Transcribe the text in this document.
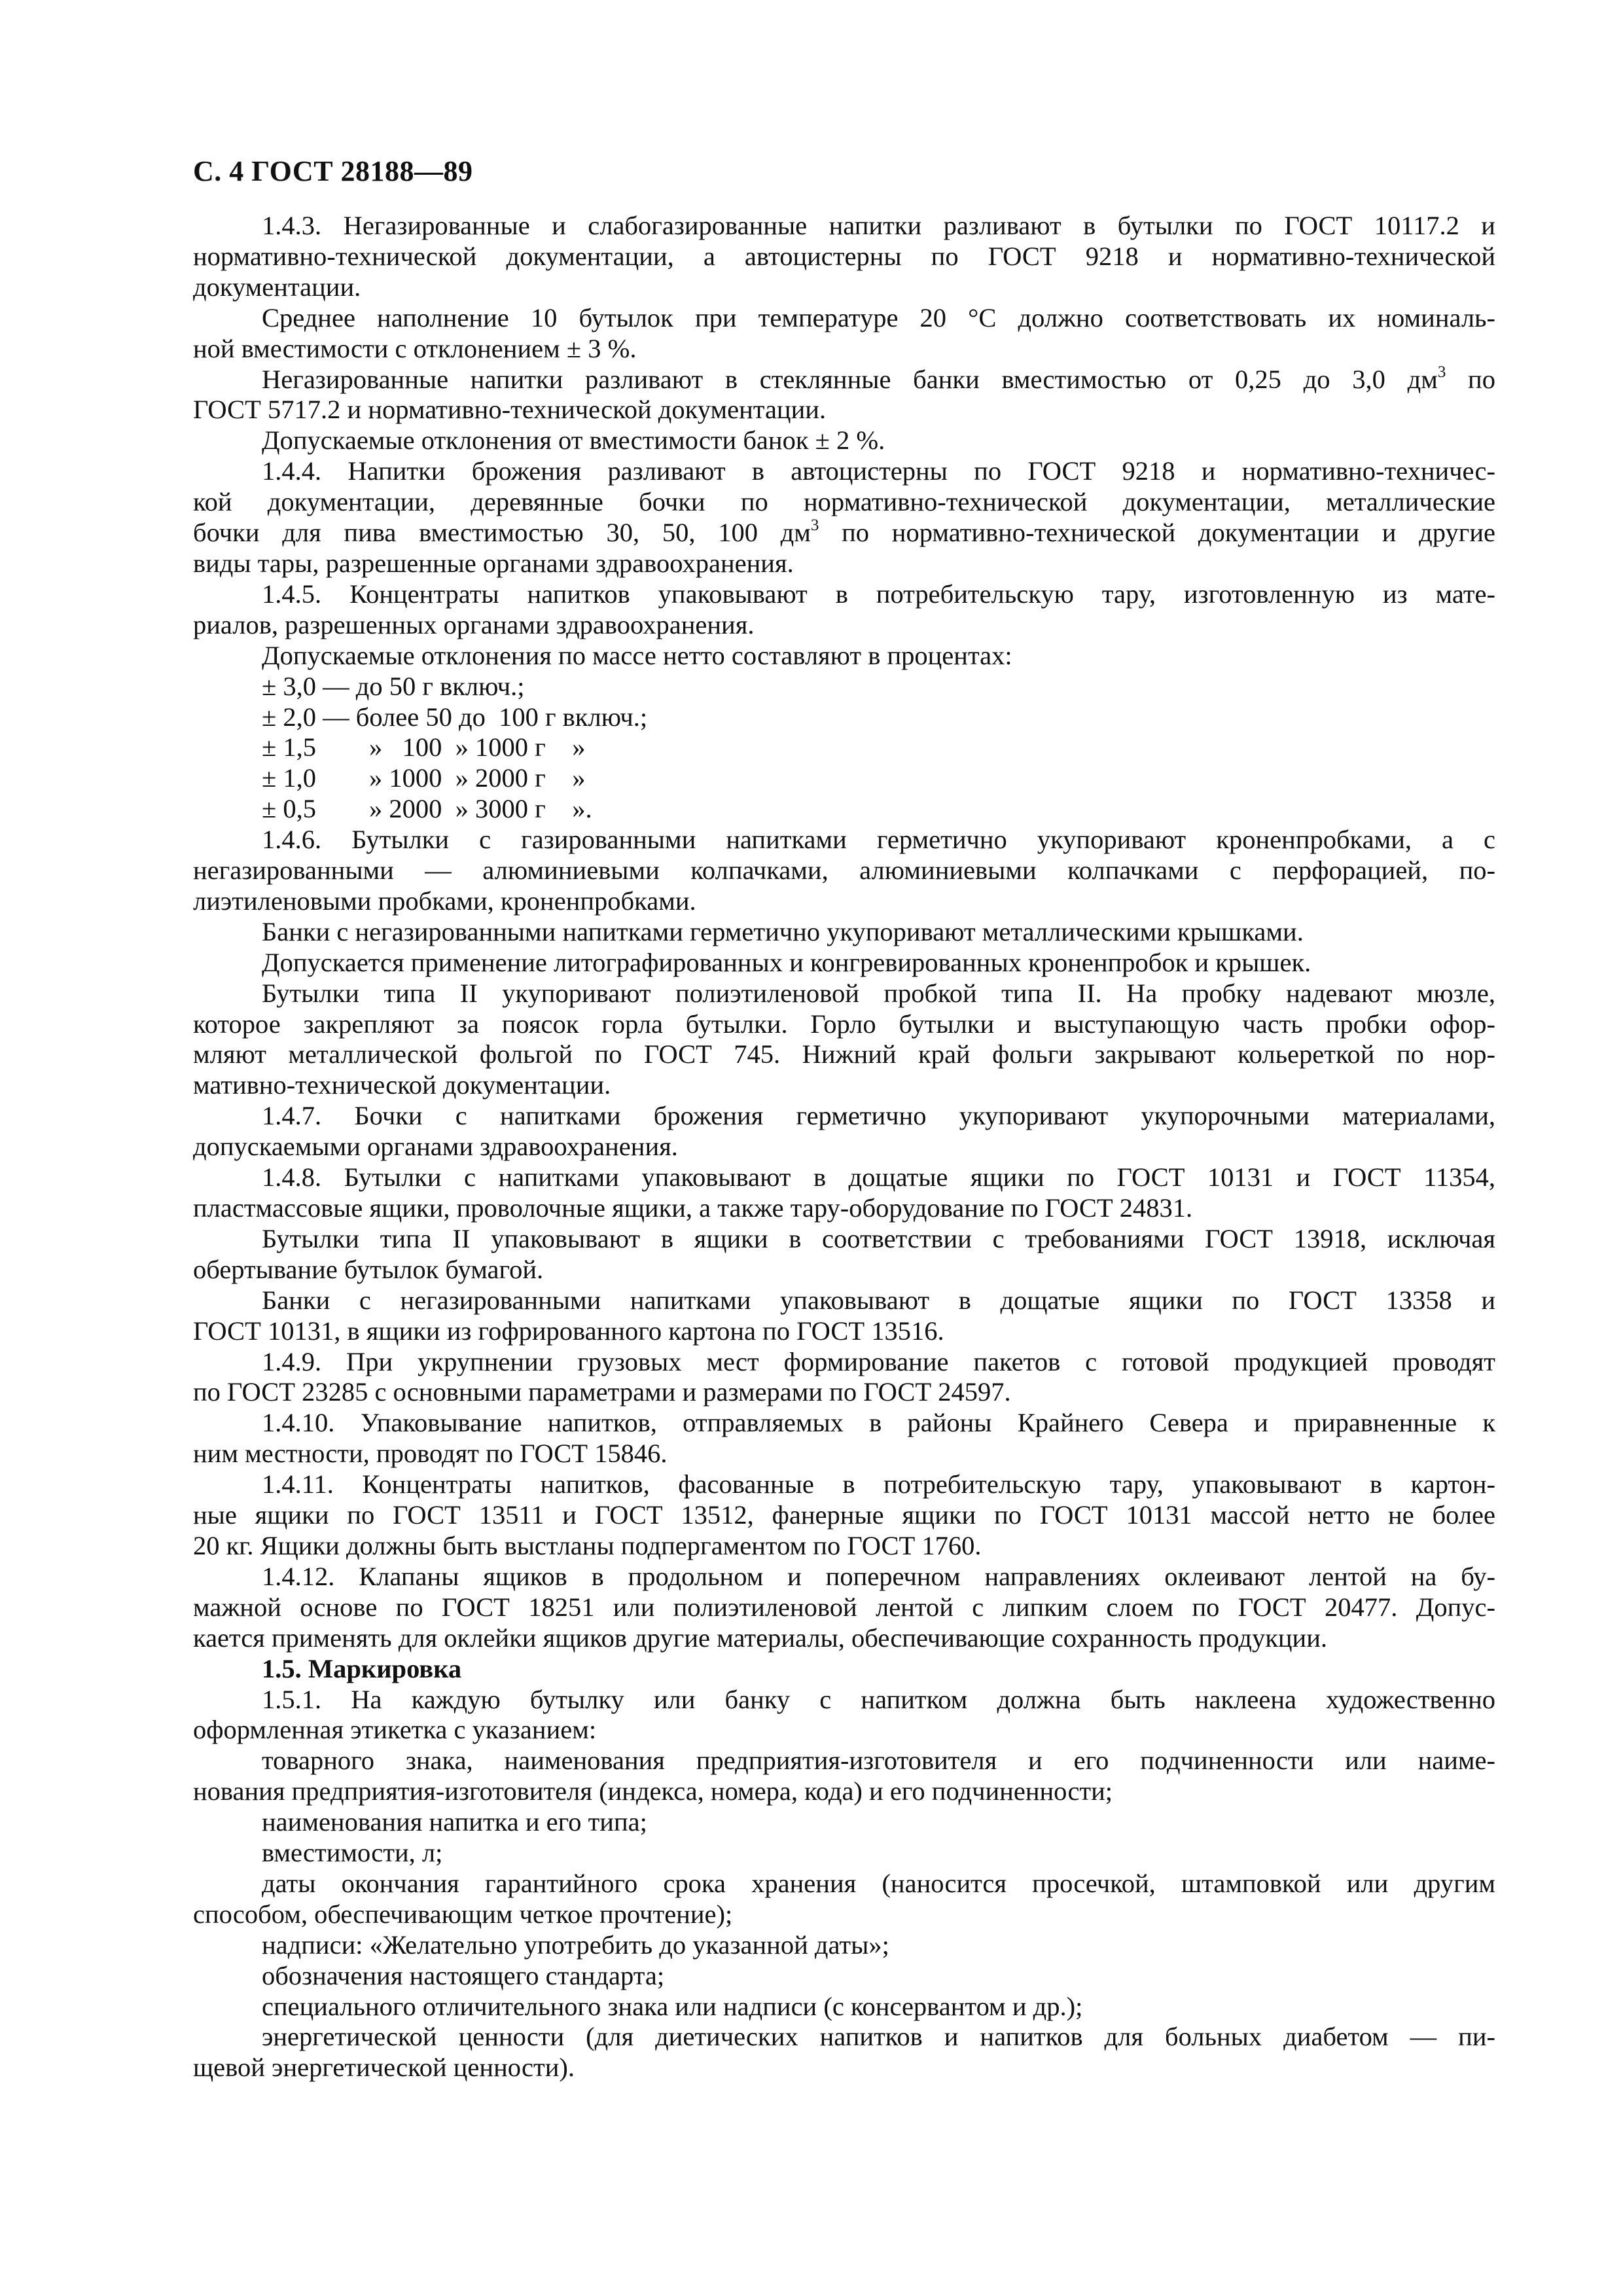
С. 4 ГОСТ 28188—89

1.4.3. Негазированные и слабогазированные напитки разливают в бутылки по ГОСТ 10117.2 и
нормативно-технической документации, а автоцистерны по ГОСТ 9218 и нормативно-технической
документации.

Среднее наполнение 10 бутылок при температуре 20 °С должно соответствовать их номиналь-
ной вместимости с отклонением ± 3 %.

Негазированные напитки разливают в стеклянные банки вместимостью от 0,25 до 3,0 $дм^3$ по
ГОСТ 5717.2 и нормативно-технической документации.

Допускаемые отклонения от вместимости банок ± 2 %.

1.4.4. Напитки брожения разливают в автоцистерны по ГОСТ 9218 и нормативно-техничес-
кой документации, деревянные бочки по нормативно-технической документации, металлические
бочки для пива вместимостью 30, 50, 100 $дм^3$ по нормативно-технической документации и другие
виды тары, разрешенные органами здравоохранения.

1.4.5. Концентраты напитков упаковывают в потребительскую тару, изготовленную из мате-
риалов, разрешенных органами здравоохранения.

Допускаемые отклонения по массе нетто составляют в процентах:

± 3,0 — до 50 г включ.;
± 2,0 — более 50 до  100 г включ.;
± 1,5        »   100  » 1000 г    »
± 1,0        » 1000  » 2000 г    »
± 0,5        » 2000  » 3000 г    ».

1.4.6. Бутылки с газированными напитками герметично укупоривают кроненпробками, а с
негазированными — алюминиевыми колпачками, алюминиевыми колпачками с перфорацией, по-
лиэтиленовыми пробками, кроненпробками.

Банки с негазированными напитками герметично укупоривают металлическими крышками.

Допускается применение литографированных и конгревированных кроненпробок и крышек.

Бутылки типа II укупоривают полиэтиленовой пробкой типа II. На пробку надевают мюзле,
которое закрепляют за поясок горла бутылки. Горло бутылки и выступающую часть пробки офор-
мляют металлической фольгой по ГОСТ 745. Нижний край фольги закрывают кольереткой по нор-
мативно-технической документации.

1.4.7. Бочки с напитками брожения герметично укупоривают укупорочными материалами,
допускаемыми органами здравоохранения.

1.4.8. Бутылки с напитками упаковывают в дощатые ящики по ГОСТ 10131 и ГОСТ 11354,
пластмассовые ящики, проволочные ящики, а также тару-оборудование по ГОСТ 24831.

Бутылки типа II упаковывают в ящики в соответствии с требованиями ГОСТ 13918, исключая
обертывание бутылок бумагой.

Банки с негазированными напитками упаковывают в дощатые ящики по ГОСТ 13358 и
ГОСТ 10131, в ящики из гофрированного картона по ГОСТ 13516.

1.4.9. При укрупнении грузовых мест формирование пакетов с готовой продукцией проводят
по ГОСТ 23285 с основными параметрами и размерами по ГОСТ 24597.

1.4.10. Упаковывание напитков, отправляемых в районы Крайнего Севера и приравненные к
ним местности, проводят по ГОСТ 15846.

1.4.11. Концентраты напитков, фасованные в потребительскую тару, упаковывают в картон-
ные ящики по ГОСТ 13511 и ГОСТ 13512, фанерные ящики по ГОСТ 10131 массой нетто не более
20 кг. Ящики должны быть выстланы подпергаментом по ГОСТ 1760.

1.4.12. Клапаны ящиков в продольном и поперечном направлениях оклеивают лентой на бу-
мажной основе по ГОСТ 18251 или полиэтиленовой лентой с липким слоем по ГОСТ 20477. Допус-
кается применять для оклейки ящиков другие материалы, обеспечивающие сохранность продукции.

1.5. Маркировка

1.5.1. На каждую бутылку или банку с напитком должна быть наклеена художественно
оформленная этикетка с указанием:

товарного знака, наименования предприятия-изготовителя и его подчиненности или наиме-
нования предприятия-изготовителя (индекса, номера, кода) и его подчиненности;

наименования напитка и его типа;

вместимости, л;

даты окончания гарантийного срока хранения (наносится просечкой, штамповкой или другим
способом, обеспечивающим четкое прочтение);

надписи: «Желательно употребить до указанной даты»;

обозначения настоящего стандарта;

специального отличительного знака или надписи (с консервантом и др.);

энергетической ценности (для диетических напитков и напитков для больных диабетом — пи-
щевой энергетической ценности).
